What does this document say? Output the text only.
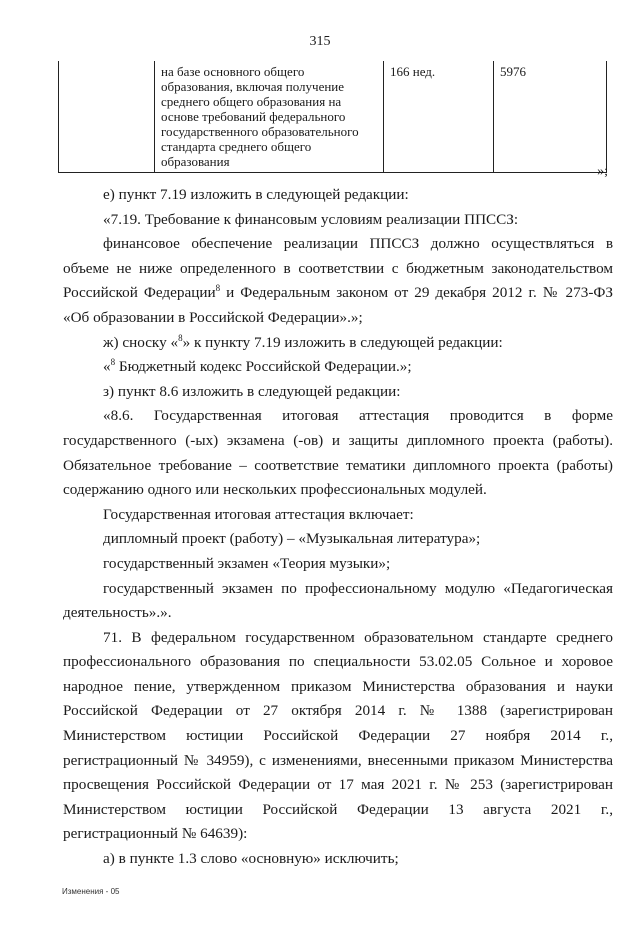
315
	на базе основного общего образования, включая получение среднего общего образования на основе требований федерального государственного образовательного стандарта среднего общего образования	166 нед.	5976
»;

е) пункт 7.19 изложить в следующей редакции:

«7.19. Требование к финансовым условиям реализации ППССЗ:

финансовое обеспечение реализации ППССЗ должно осуществляться в объеме не ниже определенного в соответствии с бюджетным законодательством Российской Федерации$^8$ и Федеральным законом от 29 декабря 2012 г. № 273-ФЗ «Об образовании в Российской Федерации».»;

ж) сноску «$^8$» к пункту 7.19 изложить в следующей редакции:

«$^8$ Бюджетный кодекс Российской Федерации.»;

з) пункт 8.6 изложить в следующей редакции:

«8.6. Государственная итоговая аттестация проводится в форме государственного (-ых) экзамена (-ов) и защиты дипломного проекта (работы). Обязательное требование – соответствие тематики дипломного проекта (работы) содержанию одного или нескольких профессиональных модулей.

Государственная итоговая аттестация включает:

дипломный проект (работу) – «Музыкальная литература»;

государственный экзамен «Теория музыки»;

государственный экзамен по профессиональному модулю «Педагогическая деятельность».».

71. В федеральном государственном образовательном стандарте среднего профессионального образования по специальности 53.02.05 Сольное и хоровое народное пение, утвержденном приказом Министерства образования и науки Российской Федерации от 27 октября 2014 г. № 1388 (зарегистрирован Министерством юстиции Российской Федерации 27 ноября 2014 г., регистрационный № 34959), с изменениями, внесенными приказом Министерства просвещения Российской Федерации от 17 мая 2021 г. № 253 (зарегистрирован Министерством юстиции Российской Федерации 13 августа 2021 г., регистрационный № 64639):

а) в пункте 1.3 слово «основную» исключить;

Изменения - 05
